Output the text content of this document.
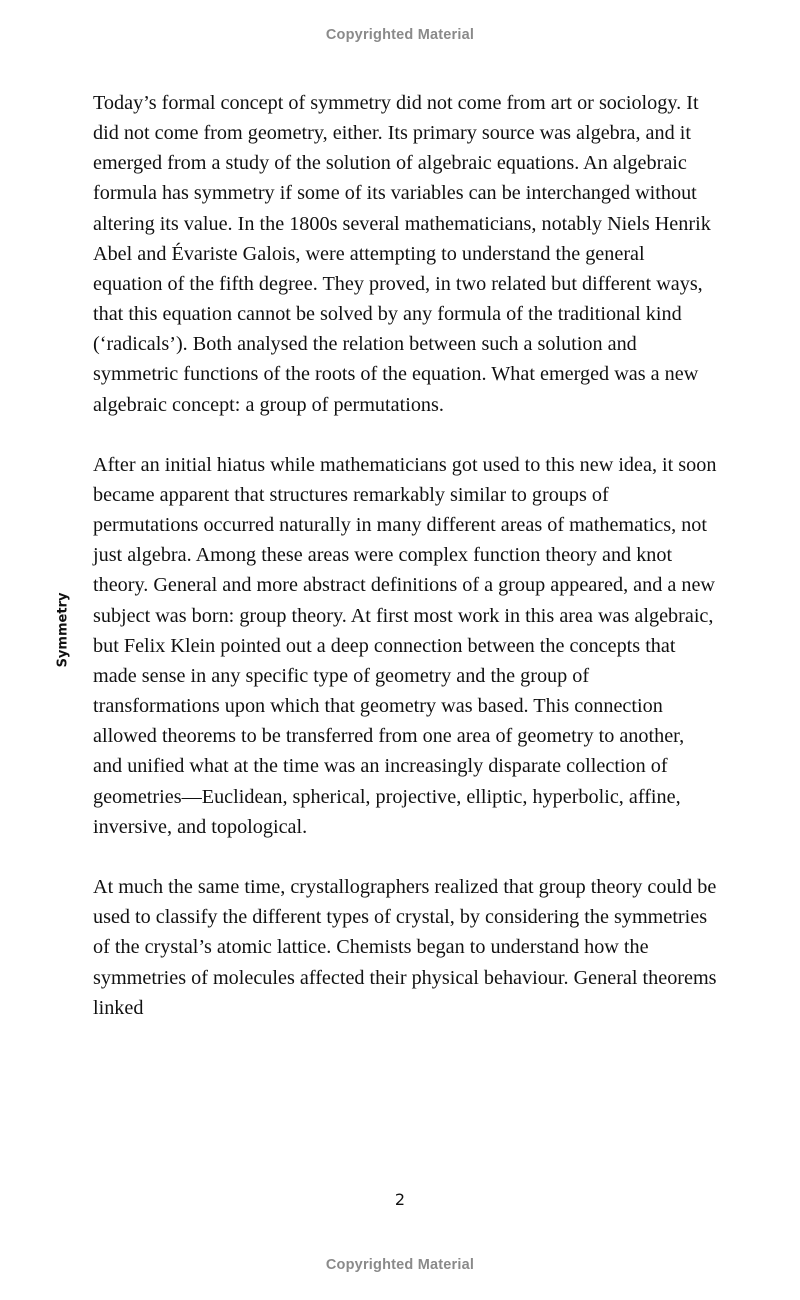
Copyrighted Material
Symmetry

Today’s formal concept of symmetry did not come from art or sociology. It did not come from geometry, either. Its primary source was algebra, and it emerged from a study of the solution of algebraic equations. An algebraic formula has symmetry if some of its variables can be interchanged without altering its value. In the 1800s several mathematicians, notably Niels Henrik Abel and Évariste Galois, were attempting to understand the general equation of the fifth degree. They proved, in two related but different ways, that this equation cannot be solved by any formula of the traditional kind (‘radicals’). Both analysed the relation between such a solution and symmetric functions of the roots of the equation. What emerged was a new algebraic concept: a group of permutations.

After an initial hiatus while mathematicians got used to this new idea, it soon became apparent that structures remarkably similar to groups of permutations occurred naturally in many different areas of mathematics, not just algebra. Among these areas were complex function theory and knot theory. General and more abstract definitions of a group appeared, and a new subject was born: group theory. At first most work in this area was algebraic, but Felix Klein pointed out a deep connection between the concepts that made sense in any specific type of geometry and the group of transformations upon which that geometry was based. This connection allowed theorems to be transferred from one area of geometry to another, and unified what at the time was an increasingly disparate collection of geometries—Euclidean, spherical, projective, elliptic, hyperbolic, affine, inversive, and topological.

At much the same time, crystallographers realized that group theory could be used to classify the different types of crystal, by considering the symmetries of the crystal’s atomic lattice. Chemists began to understand how the symmetries of molecules affected their physical behaviour. General theorems linked

2
Copyrighted Material
